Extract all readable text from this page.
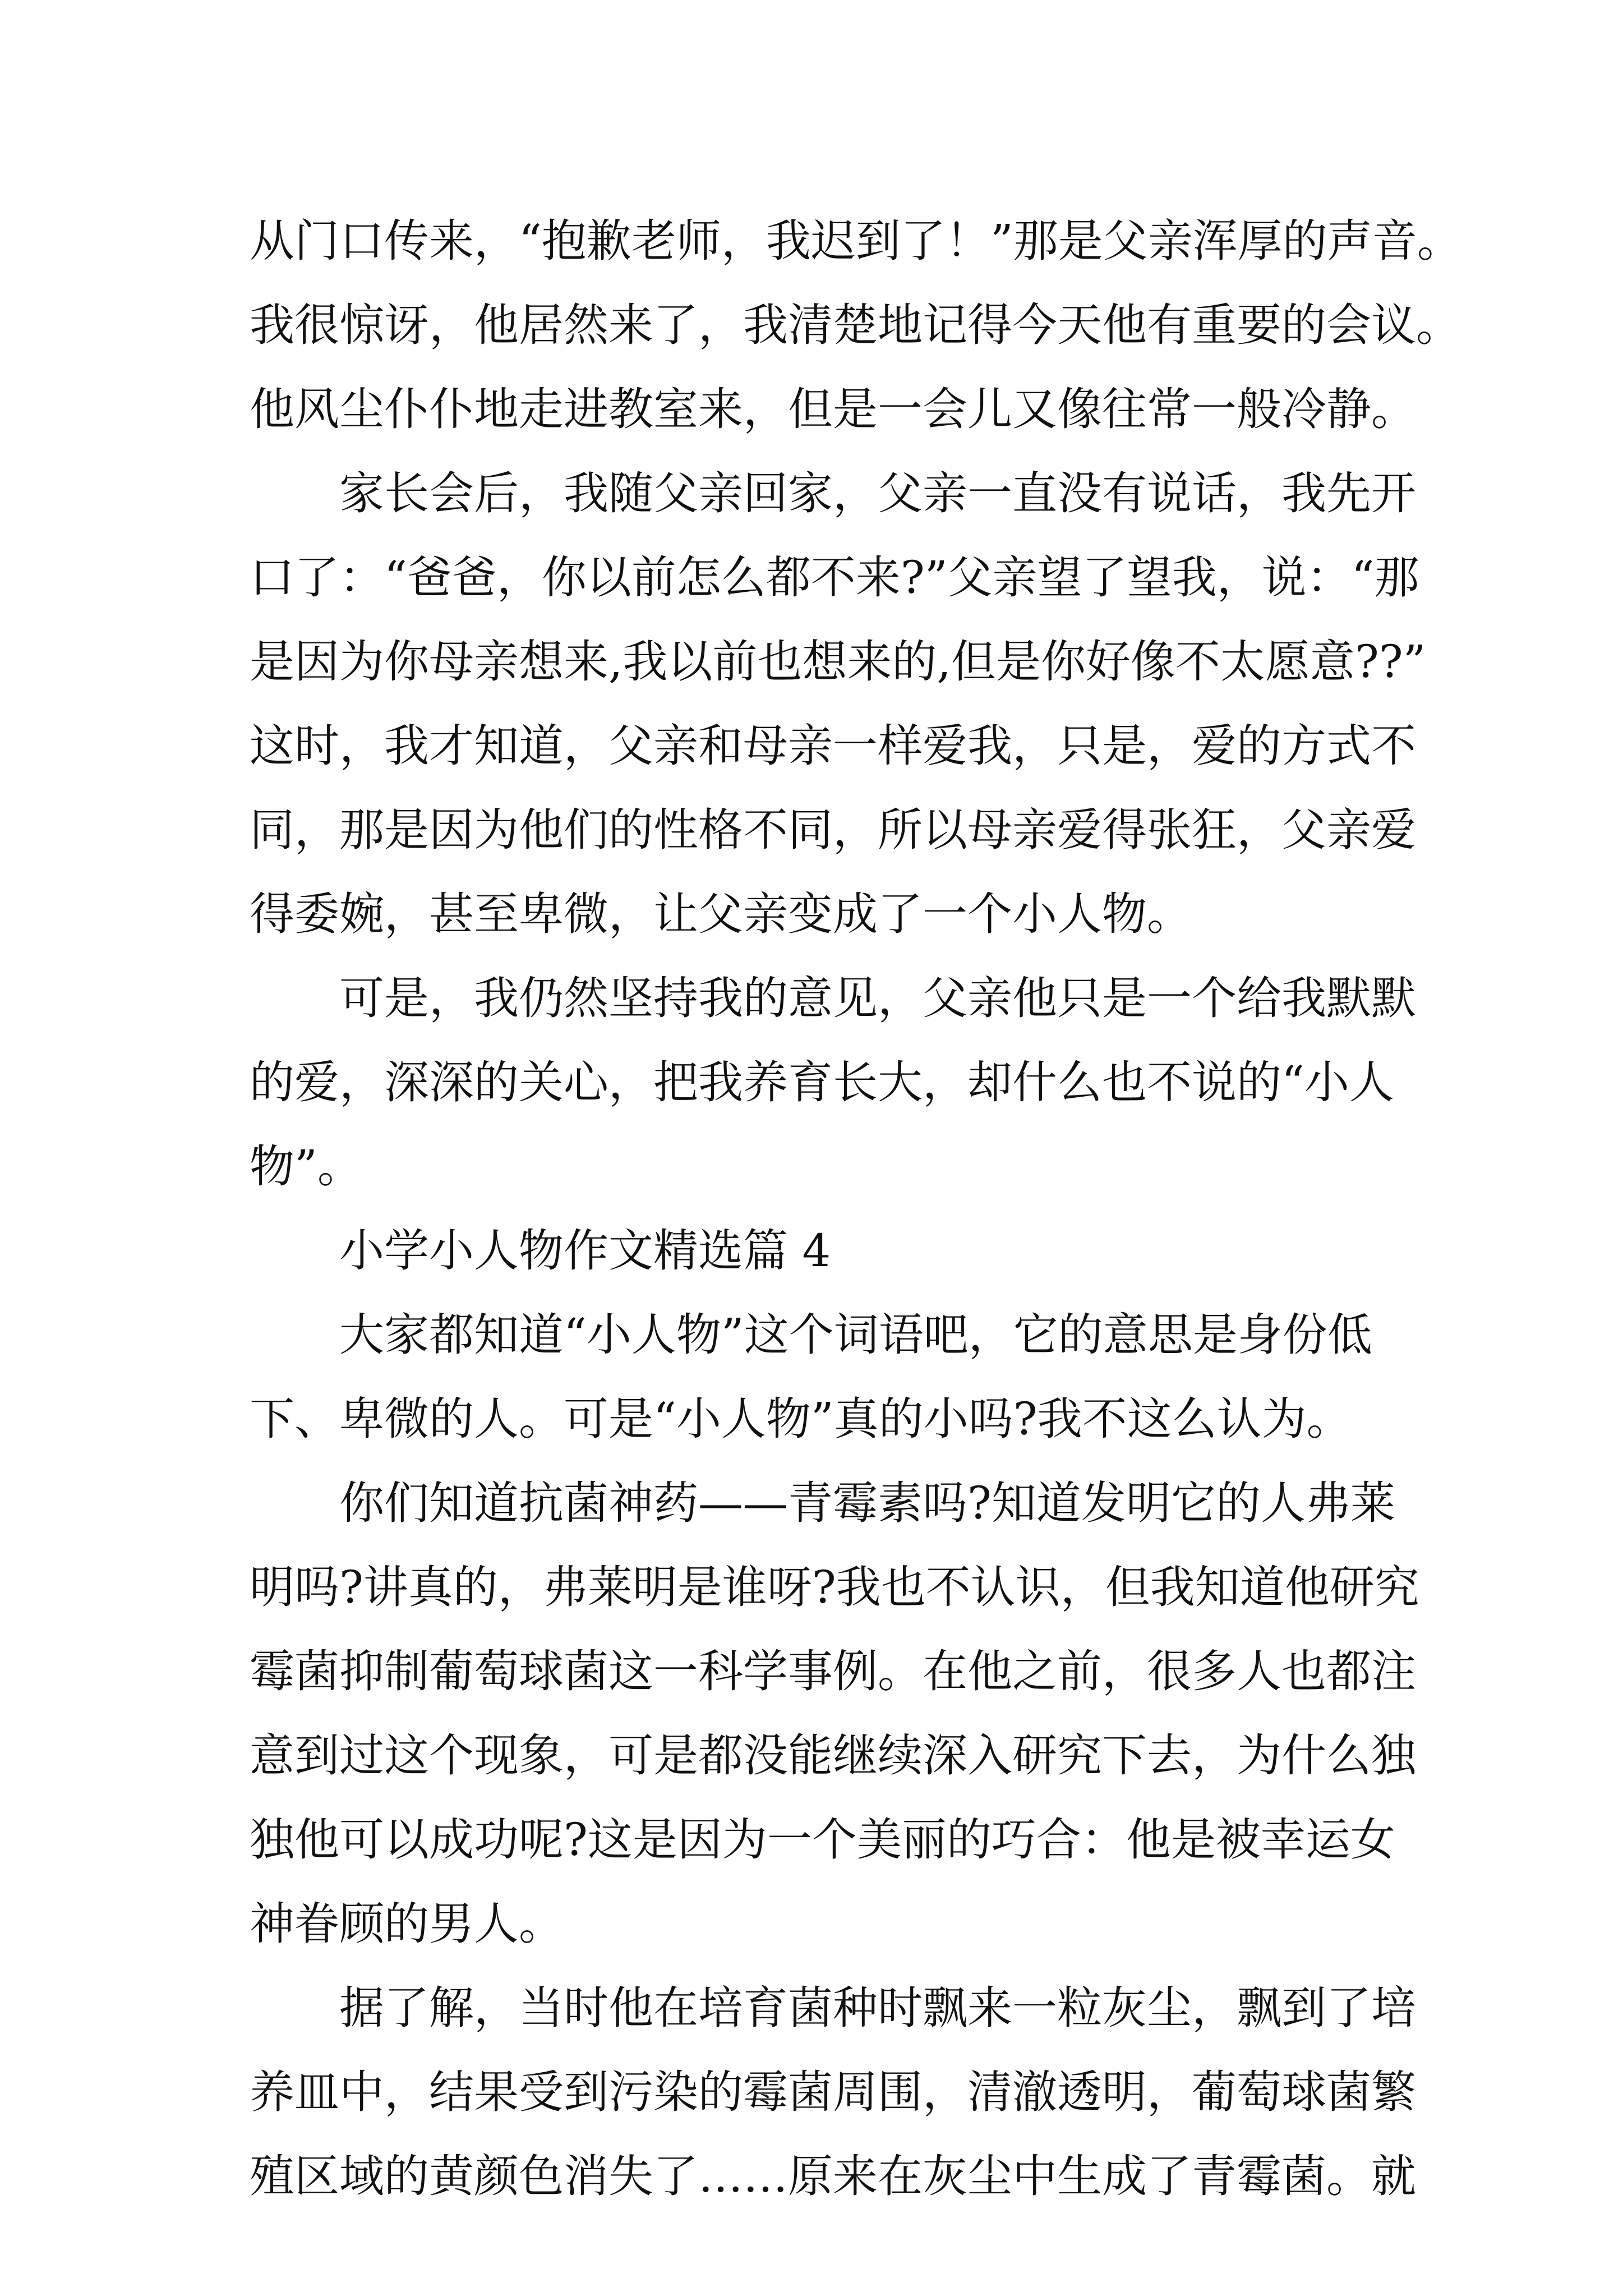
从门口传来，“抱歉老师，我迟到了！”那是父亲浑厚的声音。
我很惊讶，他居然来了，我清楚地记得今天他有重要的会议。
他风尘仆仆地走进教室来，但是一会儿又像往常一般冷静。
家长会后，我随父亲回家，父亲一直没有说话，我先开
口了：“爸爸，你以前怎么都不来?”父亲望了望我，说：“那
是因为你母亲想来,我以前也想来的,但是你好像不太愿意??”
这时，我才知道，父亲和母亲一样爱我，只是，爱的方式不
同，那是因为他们的性格不同，所以母亲爱得张狂，父亲爱
得委婉，甚至卑微，让父亲变成了一个小人物。
可是，我仍然坚持我的意见，父亲他只是一个给我默默
的爱，深深的关心，把我养育长大，却什么也不说的“小人
物”。
小学小人物作文精选篇 4
大家都知道“小人物”这个词语吧，它的意思是身份低
下、卑微的人。可是“小人物”真的小吗?我不这么认为。
你们知道抗菌神药——青霉素吗?知道发明它的人弗莱
明吗?讲真的，弗莱明是谁呀?我也不认识，但我知道他研究
霉菌抑制葡萄球菌这一科学事例。在他之前，很多人也都注
意到过这个现象，可是都没能继续深入研究下去，为什么独
独他可以成功呢?这是因为一个美丽的巧合：他是被幸运女
神眷顾的男人。
据了解，当时他在培育菌种时飘来一粒灰尘，飘到了培
养皿中，结果受到污染的霉菌周围，清澈透明，葡萄球菌繁
殖区域的黄颜色消失了……原来在灰尘中生成了青霉菌。就
